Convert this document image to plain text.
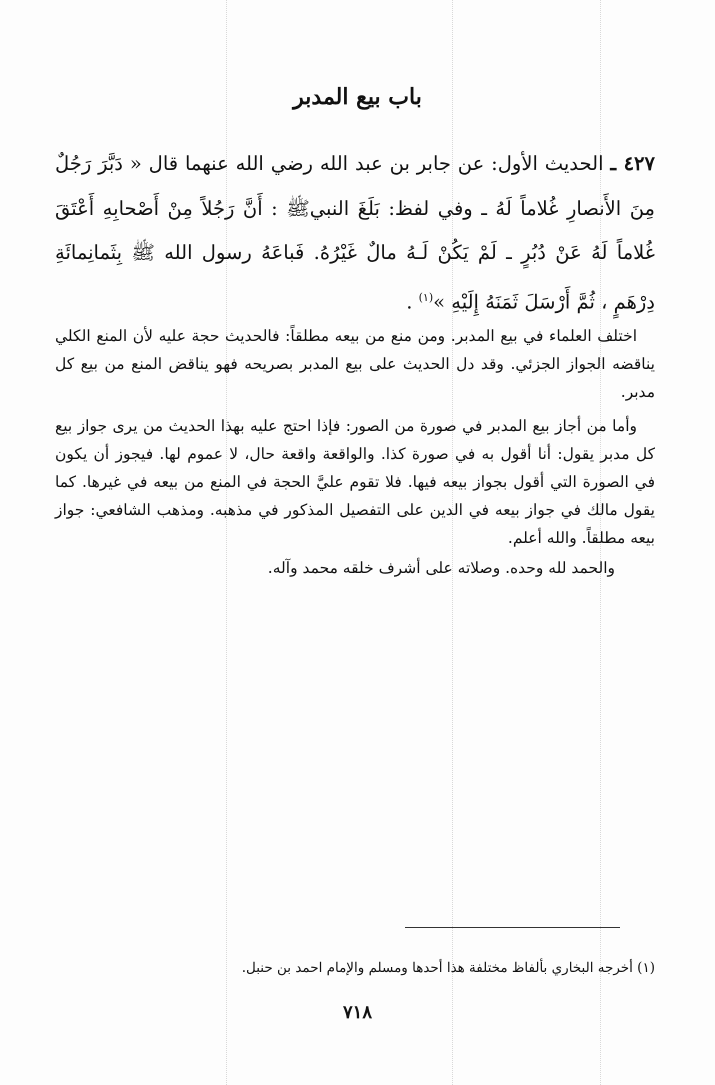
باب بيع المدبر

٤٢٧ ـ الحديث الأول: عن جابر بن عبد الله رضي الله عنهما قال « دَبَّرَ رَجُلٌ مِنَ الأَنصارِ غُلاماً لَهُ ـ وفي لفظ: بَلَغَ النبيﷺ : أَنَّ رَجُلاً مِنْ أَصْحابِهِ أَعْتَقَ غُلاماً لَهُ عَنْ دُبُرٍ ـ لَمْ يَكُنْ لَـهُ مالٌ غَيْرُهُ. فَباعَهُ رسول الله ﷺ بِثَمانِمائَةِ دِرْهَمٍ ، ثُمَّ أَرْسَلَ ثَمَنَهُ إِلَيْهِ »$^{(١)}$ .

اختلف العلماء في بيع المدبر. ومن منع من بيعه مطلقاً: فالحديث حجة عليه لأن المنع الكلي يناقضه الجواز الجزئي. وقد دل الحديث على بيع المدبر بصريحه فهو يناقض المنع من بيع كل مدبر.

وأما من أجاز بيع المدبر في صورة من الصور: فإذا احتج عليه بهذا الحديث من يرى جواز بيع كل مدبر يقول: أنا أقول به في صورة كذا. والواقعة واقعة حال، لا عموم لها. فيجوز أن يكون في الصورة التي أقول بجواز بيعه فيها. فلا تقوم عليَّ الحجة في المنع من بيعه في غيرها. كما يقول مالك في جواز بيعه في الدين على التفصيل المذكور في مذهبه. ومذهب الشافعي: جواز بيعه مطلقاً. والله أعلم.

والحمد لله وحده. وصلاته على أشرف خلقه محمد وآله.

(١) أخرجه البخاري بألفاظ مختلفة هذا أحدها ومسلم والإمام احمد بن حنبل.
٧١٨
